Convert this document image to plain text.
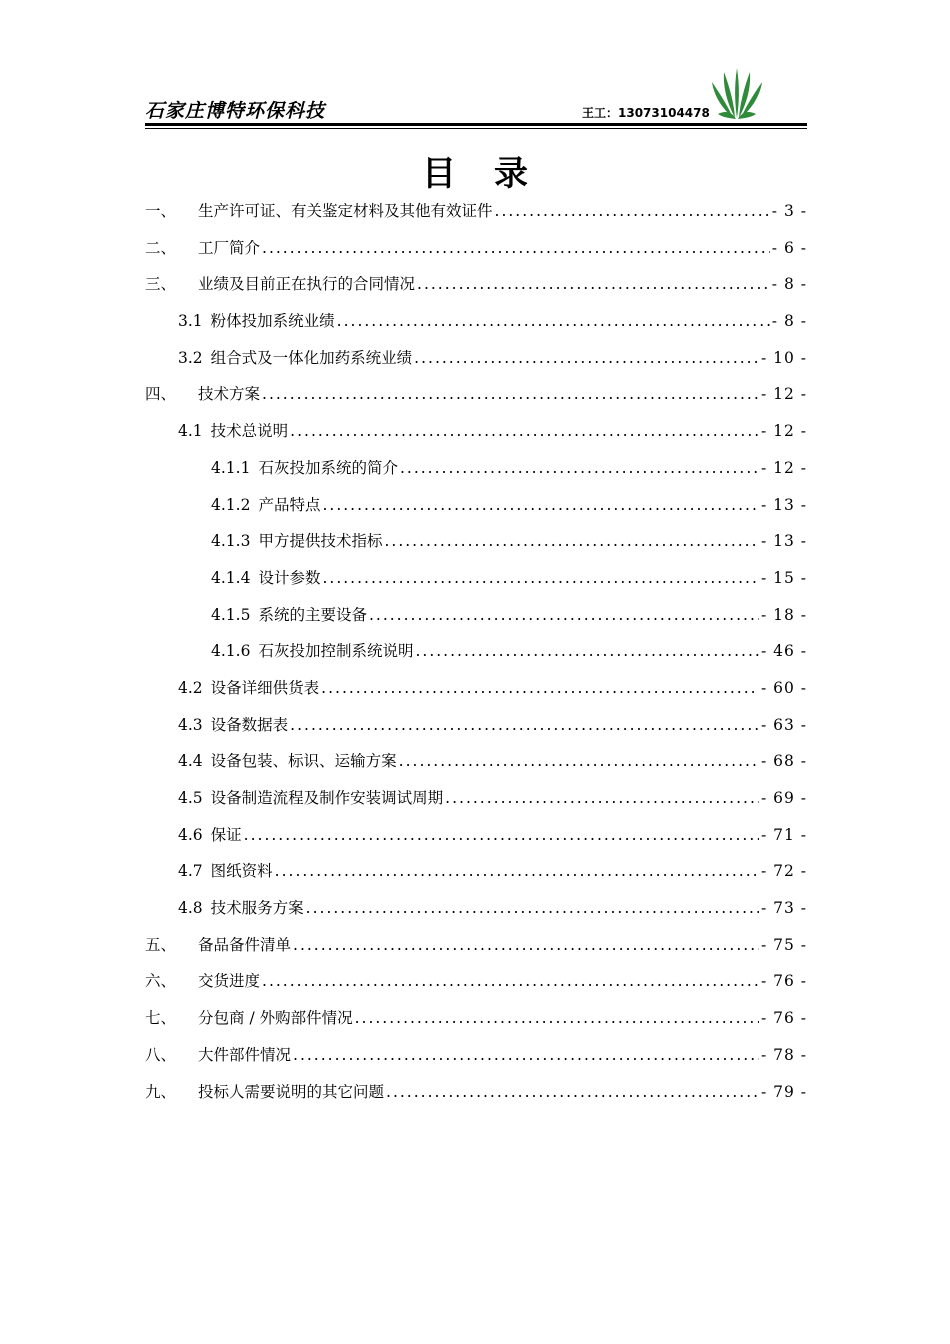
石家庄博特环保科技	王工：13073104478
目录
一、	生产许可证、有关鉴定材料及其他有效证件 .....	- 3 -
二、	工厂简介 .....	- 6 -
三、	业绩及目前正在执行的合同情况 .....	- 8 -
3.1 粉体投加系统业绩 .....	- 8 -
3.2 组合式及一体化加药系统业绩 .....	- 10 -
四、	技术方案 .....	- 12 -
4.1 技术总说明 .....	- 12 -
4.1.1 石灰投加系统的简介 .....	- 12 -
4.1.2 产品特点 .....	- 13 -
4.1.3 甲方提供技术指标 .....	- 13 -
4.1.4 设计参数 .....	- 15 -
4.1.5 系统的主要设备 .....	- 18 -
4.1.6 石灰投加控制系统说明 .....	- 46 -
4.2 设备详细供货表 .....	- 60 -
4.3 设备数据表 .....	- 63 -
4.4 设备包装、标识、运输方案 .....	- 68 -
4.5 设备制造流程及制作安装调试周期 .....	- 69 -
4.6 保证 .....	- 71 -
4.7 图纸资料 .....	- 72 -
4.8 技术服务方案 .....	- 73 -
五、	备品备件清单 .....	- 75 -
六、	交货进度 .....	- 76 -
七、	分包商 / 外购部件情况 .....	- 76 -
八、	大件部件情况 .....	- 78 -
九、	投标人需要说明的其它问题 .....	- 79 -
